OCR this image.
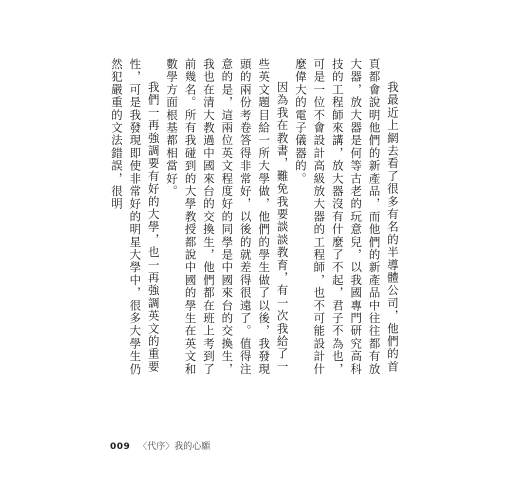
我最近上網去看了很多有名的半導體公司，他們的首頁都會說明他們的新產品，而他們的新產品中往往都有放大器，放大器是何等古老的玩意兒，以我國專門研究高科技的工程師來講，放大器沒有什麼了不起，君子不為也，可是一位不會設計高級放大器的工程師，也不可能設計什麼偉大的電子儀器的。

因為我在教書，難免我要談談教育，有一次我給了一些英文題目給一所大學做，他們的學生做了以後，我發現頭的兩份考卷答得非常好，以後的就差得很遠了。值得注意的是，這兩位英文程度好的同學是中國來台的交換生，我也在清大教過中國來台的交換生，他們都在班上考到了前幾名。所有我碰到的大學教授都說中國的學生在英文和數學方面根基都相當好。

我們一再強調要有好的大學，也一再強調英文的重要性，可是我發現即使非常好的明星大學中，很多大學生仍然犯嚴重的文法錯誤，很明

009 〈代序〉我的心願
